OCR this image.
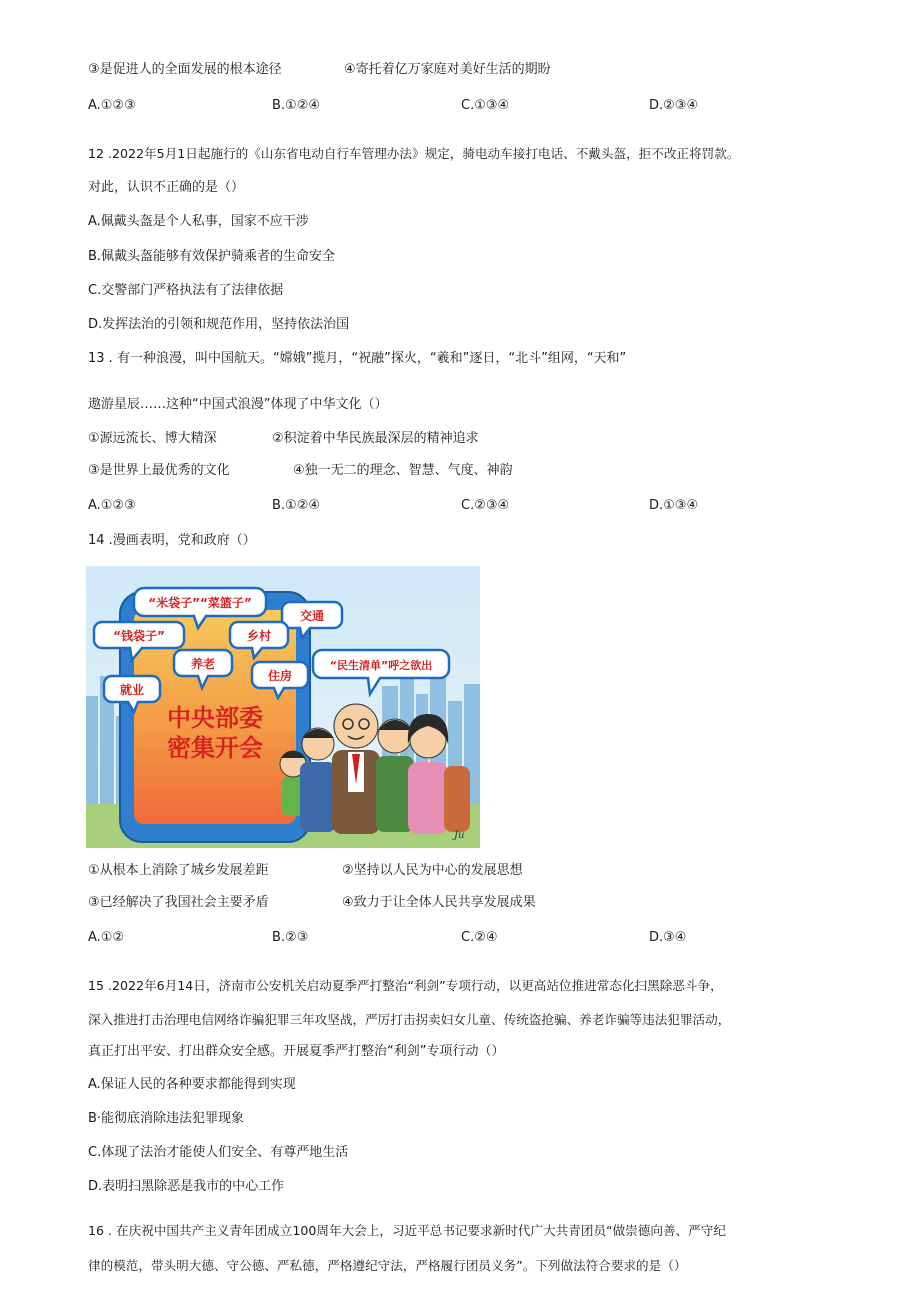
③是促进人的全面发展的根本途径	④寄托着亿万家庭对美好生活的期盼
A.①②③	B.①②④	C.①③④	D.②③④
12 .2022年5月1日起施行的《山东省电动自行车管理办法》规定，骑电动车接打电话、不戴头盔，拒不改正将罚款。
对此，认识不正确的是（）
A.佩戴头盔是个人私事，国家不应干涉
B.佩戴头盔能够有效保护骑乘者的生命安全
C.交警部门严格执法有了法律依据
D.发挥法治的引领和规范作用，坚持依法治国
13 . 有一种浪漫，叫中国航天。“嫦娥”揽月，“祝融”探火，“羲和”逐日，“北斗”组网，“天和”
遨游星辰……这种“中国式浪漫”体现了中华文化（）
①源远流长、博大精深	②积淀着中华民族最深层的精神追求
③是世界上最优秀的文化	④独一无二的理念、智慧、气度、神韵
A.①②③	B.①②④	C.②③④	D.①③④
14 .漫画表明，党和政府（）
中央部委
密集开会
“米袋子”“菜篮子”
交通
“钱袋子”	乡村
养老
住房
就业
“民生清单”呼之欲出
Ju
①从根本上消除了城乡发展差距	②坚持以人民为中心的发展思想
③已经解决了我国社会主要矛盾	④致力于让全体人民共享发展成果
A.①②	B.②③	C.②④	D.③④
15 .2022年6月14日，济南市公安机关启动夏季严打整治“利剑”专项行动，以更高站位推进常态化扫黑除恶斗争，
深入推进打击治理电信网络诈骗犯罪三年攻坚战，严厉打击拐卖妇女儿童、传统盗抢骗、养老诈骗等违法犯罪活动，
真正打出平安、打出群众安全感。开展夏季严打整治“利剑”专项行动（）
A.保证人民的各种要求都能得到实现
B·能彻底消除违法犯罪现象
C.体现了法治才能使人们安全、有尊严地生活
D.表明扫黑除恶是我市的中心工作
16 . 在庆祝中国共产主义青年团成立100周年大会上，习近平总书记要求新时代广大共青团员“做崇德向善、严守纪
律的模范，带头明大德、守公德、严私德，严格遵纪守法，严格履行团员义务”。下列做法符合要求的是（）
